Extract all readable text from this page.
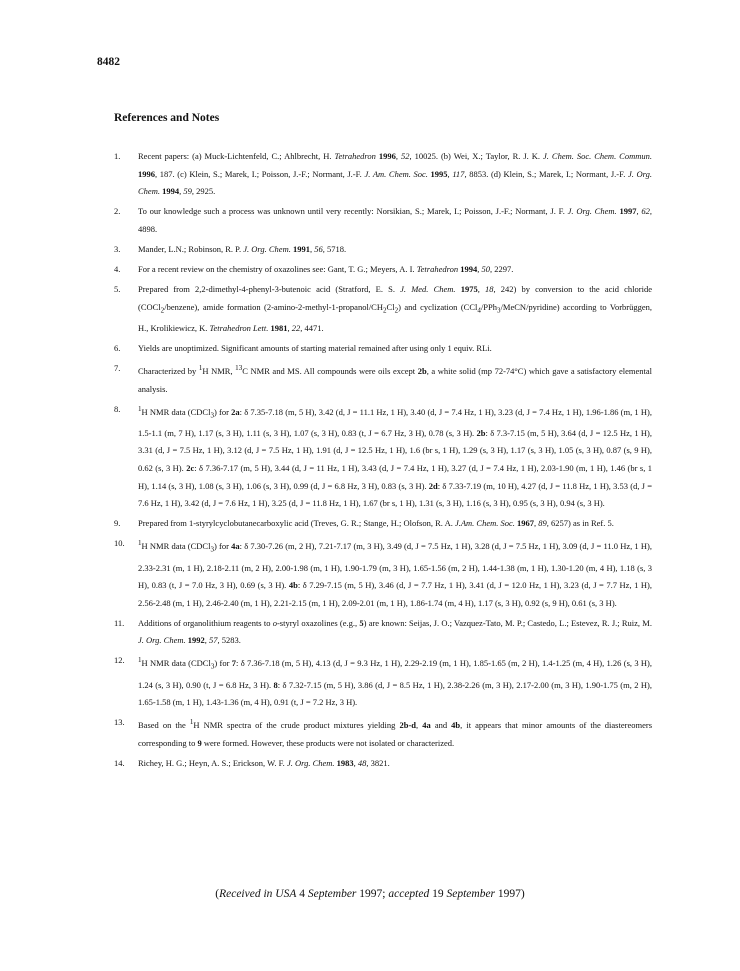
8482
References and Notes
1. Recent papers: (a) Muck-Lichtenfeld, C.; Ahlbrecht, H. Tetrahedron 1996, 52, 10025. (b) Wei, X.; Taylor, R. J. K. J. Chem. Soc. Chem. Commun. 1996, 187. (c) Klein, S.; Marek, I.; Poisson, J.-F.; Normant, J.-F. J. Am. Chem. Soc. 1995, 117, 8853. (d) Klein, S.; Marek, I.; Normant, J.-F. J. Org. Chem. 1994, 59, 2925.
2. To our knowledge such a process was unknown until very recently: Norsikian, S.; Marek, I.; Poisson, J.-F.; Normant, J. F. J. Org. Chem. 1997, 62, 4898.
3. Mander, L.N.; Robinson, R. P. J. Org. Chem. 1991, 56, 5718.
4. For a recent review on the chemistry of oxazolines see: Gant, T. G.; Meyers, A. I. Tetrahedron 1994, 50, 2297.
5. Prepared from 2,2-dimethyl-4-phenyl-3-butenoic acid (Stratford, E. S. J. Med. Chem. 1975, 18, 242) by conversion to the acid chloride (COCl$_2$/benzene), amide formation $(2-amino-2-methyl-1-propanol/CH_2Cl_2)$ and cyclization (CCl$_4$/PPh$_3$/MeCN/pyridine) according to Vorbrüggen, H., Krolikiewicz, K. Tetrahedron Lett. 1981, 22, 4471.
6. Yields are unoptimized. Significant amounts of starting material remained after using only 1 equiv. RLi.
7. Characterized by $^1$H NMR, $^{13}$C NMR and MS. All compounds were oils except 2b, a white solid (mp 72-74°C) which gave a satisfactory elemental analysis.
8. $^1$H NMR data (CDCl$_3$) for 2a: δ 7.35-7.18 (m, 5 H), 3.42 (d, J = 11.1 Hz, 1 H), 3.40 (d, J = 7.4 Hz, 1 H), 3.23 (d, J = 7.4 Hz, 1 H), 1.96-1.86 (m, 1 H), 1.5-1.1 (m, 7 H), 1.17 (s, 3 H), 1.11 (s, 3 H), 1.07 (s, 3 H), 0.83 (t, J = 6.7 Hz, 3 H), 0.78 (s, 3 H). 2b: δ 7.3-7.15 (m, 5 H), 3.64 (d, J = 12.5 Hz, 1 H), 3.31 (d, J = 7.5 Hz, 1 H), 3.12 (d, J = 7.5 Hz, 1 H), 1.91 (d, J = 12.5 Hz, 1 H), 1.6 (br s, 1 H), 1.29 (s, 3 H), 1.17 (s, 3 H), 1.05 (s, 3 H), 0.87 (s, 9 H), 0.62 (s, 3 H). 2c: δ 7.36-7.17 (m, 5 H), 3.44 (d, J = 11 Hz, 1 H), 3.43 (d, J = 7.4 Hz, 1 H), 3.27 (d, J = 7.4 Hz, 1 H), 2.03-1.90 (m, 1 H), 1.46 (br s, 1 H), 1.14 (s, 3 H), 1.08 (s, 3 H), 1.06 (s, 3 H), 0.99 (d, J = 6.8 Hz, 3 H), 0.83 (s, 3 H). 2d: δ 7.33-7.19 (m, 10 H), 4.27 (d, J = 11.8 Hz, 1 H), 3.53 (d, J = 7.6 Hz, 1 H), 3.42 (d, J = 7.6 Hz, 1 H), 3.25 (d, J = 11.8 Hz, 1 H), 1.67 (br s, 1 H), 1.31 (s, 3 H), 1.16 (s, 3 H), 0.95 (s, 3 H), 0.94 (s, 3 H).
9. Prepared from 1-styrylcyclobutanecarboxylic acid (Treves, G. R.; Stange, H.; Olofson, R. A. J.Am. Chem. Soc. 1967, 89, 6257) as in Ref. 5.
10. $^1$H NMR data (CDCl$_3$) for 4a: δ 7.30-7.26 (m, 2 H), 7.21-7.17 (m, 3 H), 3.49 (d, J = 7.5 Hz, 1 H), 3.28 (d, J = 7.5 Hz, 1 H), 3.09 (d, J = 11.0 Hz, 1 H), 2.33-2.31 (m, 1 H), 2.18-2.11 (m, 2 H), 2.00-1.98 (m, 1 H), 1.90-1.79 (m, 3 H), 1.65-1.56 (m, 2 H), 1.44-1.38 (m, 1 H), 1.30-1.20 (m, 4 H), 1.18 (s, 3 H), 0.83 (t, J = 7.0 Hz, 3 H), 0.69 (s, 3 H). 4b: δ 7.29-7.15 (m, 5 H), 3.46 (d, J = 7.7 Hz, 1 H), 3.41 (d, J = 12.0 Hz, 1 H), 3.23 (d, J = 7.7 Hz, 1 H), 2.56-2.48 (m, 1 H), 2.46-2.40 (m, 1 H), 2.21-2.15 (m, 1 H), 2.09-2.01 (m, 1 H), 1.86-1.74 (m, 4 H), 1.17 (s, 3 H), 0.92 (s, 9 H), 0.61 (s, 3 H).
11. Additions of organolithium reagents to o-styryl oxazolines (e.g., 5) are known: Seijas, J. O.; Vazquez-Tato, M. P.; Castedo, L.; Estevez, R. J.; Ruiz, M. J. Org. Chem. 1992, 57, 5283.
12. $^1$H NMR data (CDCl$_3$) for 7: δ 7.36-7.18 (m, 5 H), 4.13 (d, J = 9.3 Hz, 1 H), 2.29-2.19 (m, 1 H), 1.85-1.65 (m, 2 H), 1.4-1.25 (m, 4 H), 1.26 (s, 3 H), 1.24 (s, 3 H), 0.90 (t, J = 6.8 Hz, 3 H). 8: δ 7.32-7.15 (m, 5 H), 3.86 (d, J = 8.5 Hz, 1 H), 2.38-2.26 (m, 3 H), 2.17-2.00 (m, 3 H), 1.90-1.75 (m, 2 H), 1.65-1.58 (m, 1 H), 1.43-1.36 (m, 4 H), 0.91 (t, J = 7.2 Hz, 3 H).
13. Based on the $^1$H NMR spectra of the crude product mixtures yielding 2b-d, 4a and 4b, it appears that minor amounts of the diastereomers corresponding to 9 were formed. However, these products were not isolated or characterized.
14. Richey, H. G.; Heyn, A. S.; Erickson, W. F. J. Org. Chem. 1983, 48, 3821.
(Received in USA 4 September 1997; accepted 19 September 1997)
